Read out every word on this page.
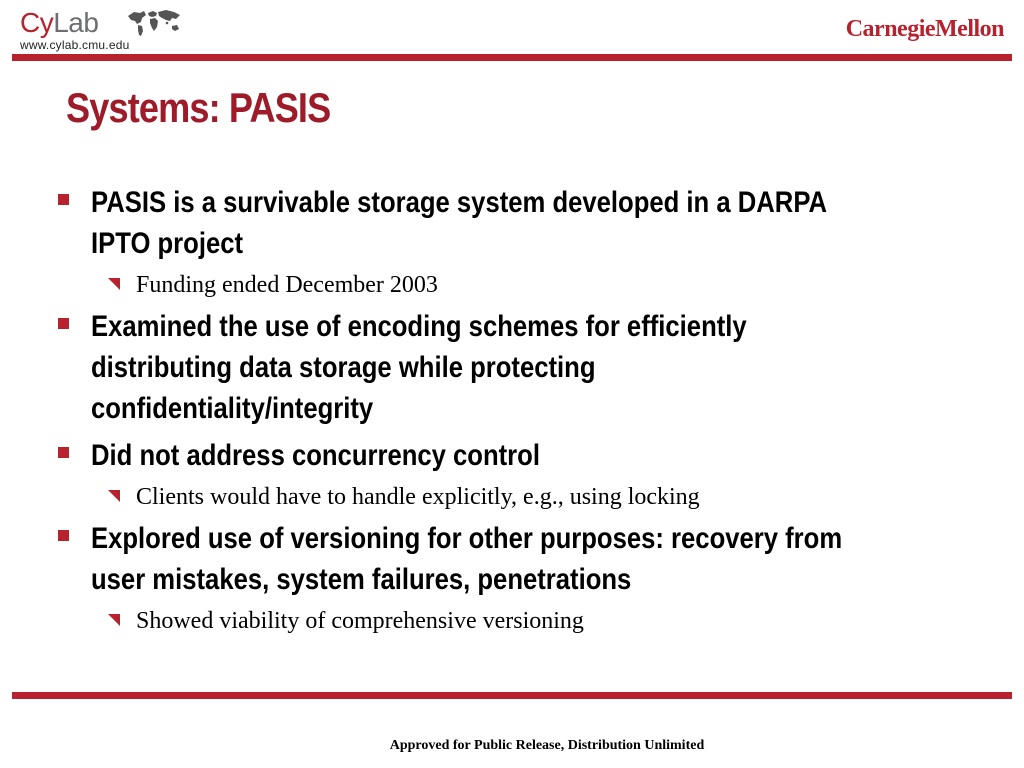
CyLab
www.cylab.cmu.edu
CarnegieMellon
Systems: PASIS
PASIS is a survivable storage system developed in a DARPA IPTO project
Funding ended December 2003
Examined the use of encoding schemes for efficiently distributing data storage while protecting confidentiality/integrity
Did not address concurrency control
Clients would have to handle explicitly, e.g., using locking
Explored use of versioning for other purposes: recovery from user mistakes, system failures, penetrations
Showed viability of comprehensive versioning
Approved for Public Release, Distribution Unlimited
